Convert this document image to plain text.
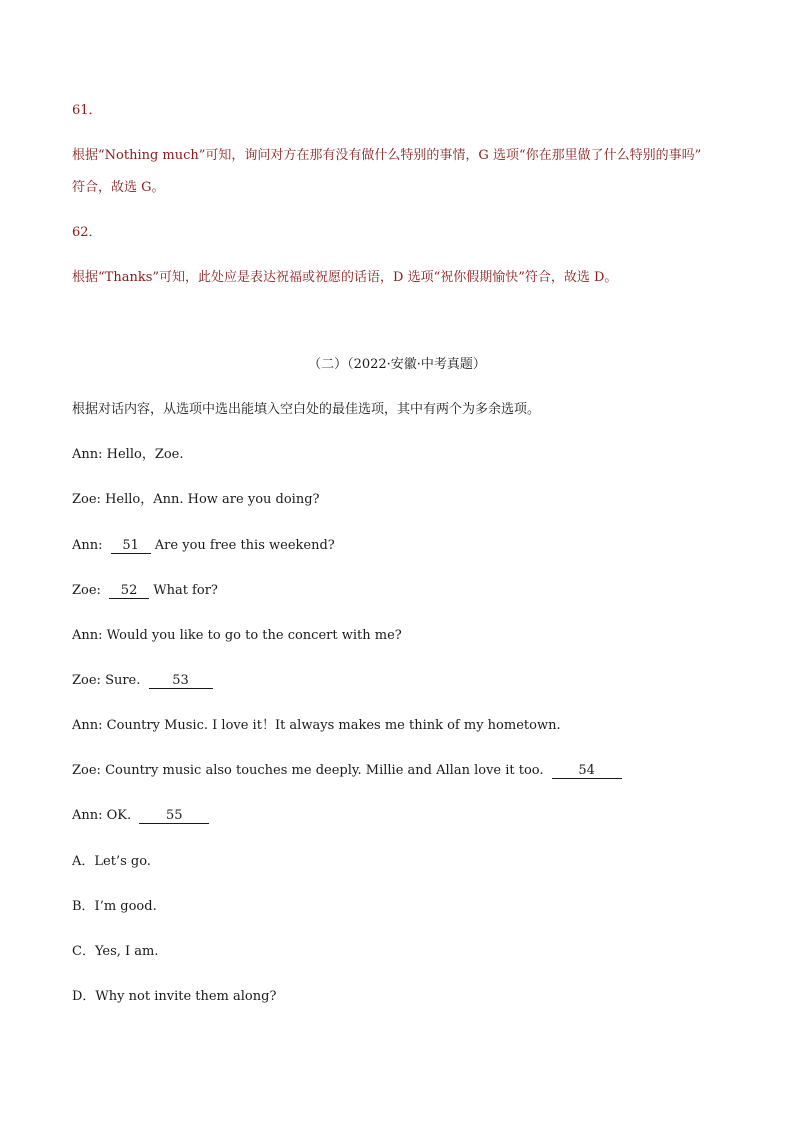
61．
根据“Nothing much”可知，询问对方在那有没有做什么特别的事情，G 选项“你在那里做了什么特别的事吗”
符合，故选 G。
62．
根据“Thanks”可知，此处应是表达祝福或祝愿的话语，D 选项“祝你假期愉快”符合，故选 D。
（二）（2022·安徽·中考真题）
根据对话内容，从选项中选出能填入空白处的最佳选项，其中有两个为多余选项。
Ann: Hello，Zoe.
Zoe: Hello，Ann. How are you doing?
Ann: 51 Are you free this weekend?
Zoe: 52 What for?
Ann: Would you like to go to the concert with me?
Zoe: Sure. 53
Ann: Country Music. I love it！It always makes me think of my hometown.
Zoe: Country music also touches me deeply. Millie and Allan love it too.	54
Ann: OK.	55
A．Let’s go.
B．I’m good.
C．Yes, I am.
D．Why not invite them along?
